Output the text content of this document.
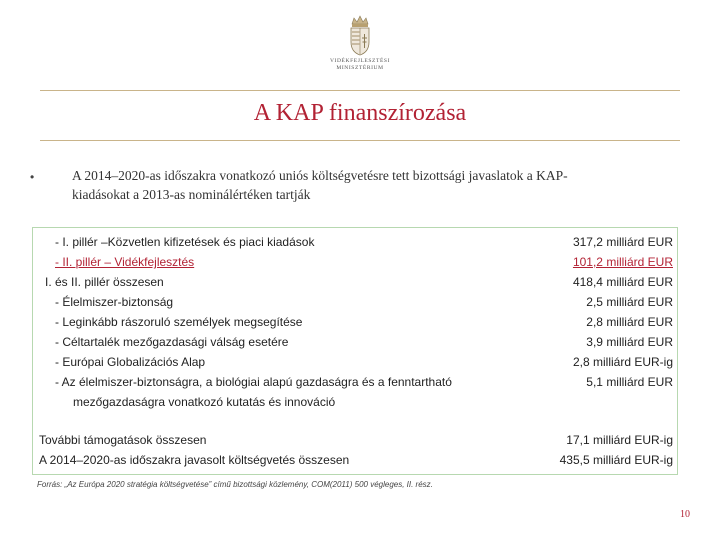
VIDÉKFEJLESZTÉSI
MINISZTÉRIUM
A KAP finanszírozása
•	A 2014–2020-as időszakra vonatkozó uniós költségvetésre tett bizottsági javaslatok a KAP-
kiadásokat a 2013-as nominálértéken tartják
- I. pillér –Közvetlen kifizetések és piaci kiadások	317,2 milliárd EUR
- II. pillér – Vidékfejlesztés	101,2 milliárd EUR
I. és II. pillér összesen	418,4 milliárd EUR
- Élelmiszer-biztonság	2,5 milliárd EUR
- Leginkább rászoruló személyek megsegítése	2,8 milliárd EUR
- Céltartalék mezőgazdasági válság esetére	3,9 milliárd EUR
- Európai Globalizációs Alap	2,8 milliárd EUR-ig
- Az élelmiszer-biztonságra, a biológiai alapú gazdaságra és a fenntartható	5,1 milliárd EUR
mezőgazdaságra vonatkozó kutatás és innováció
További támogatások összesen	17,1 milliárd EUR-ig
A 2014–2020-as időszakra javasolt költségvetés összesen	435,5 milliárd EUR-ig
Forrás: „Az Európa 2020 stratégia költségvetése” című bizottsági közlemény, COM(2011) 500 végleges, II. rész.
10
